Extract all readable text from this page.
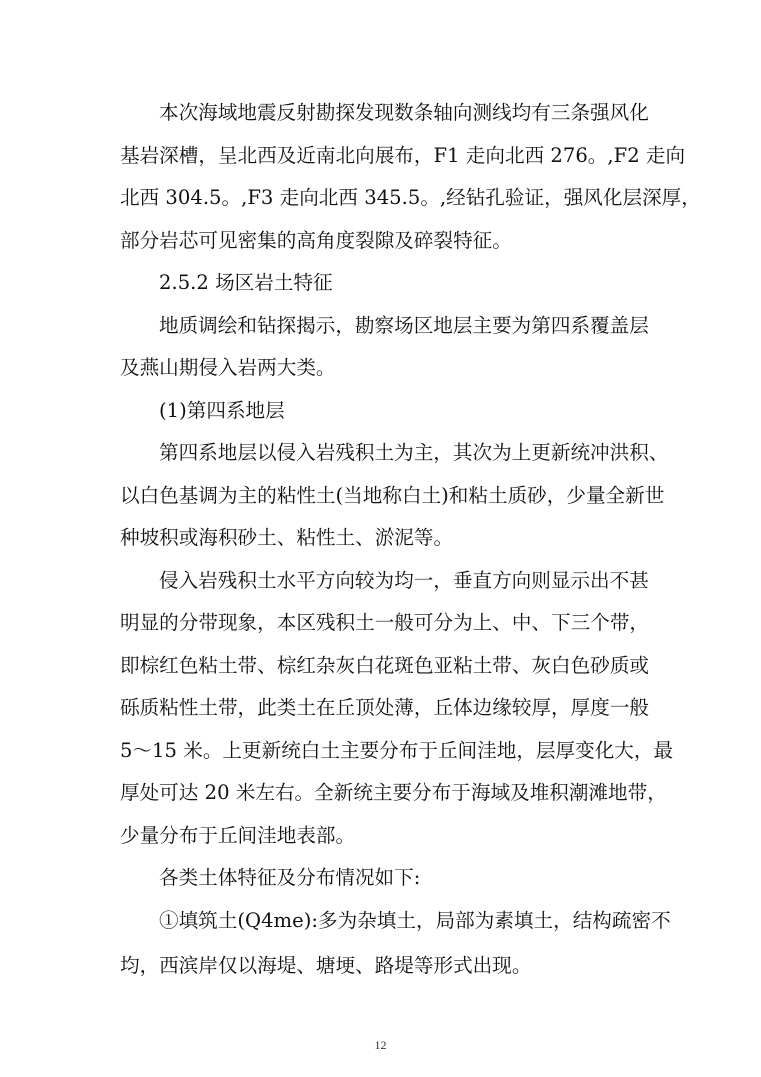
本次海域地震反射勘探发现数条轴向测线均有三条强风化
基岩深槽，呈北西及近南北向展布，F1 走向北西 276。,F2 走向
北西 304.5。,F3 走向北西 345.5。,经钻孔验证，强风化层深厚，
部分岩芯可见密集的高角度裂隙及碎裂特征。
2.5.2 场区岩土特征
地质调绘和钻探揭示，勘察场区地层主要为第四系覆盖层
及燕山期侵入岩两大类。
(1)第四系地层
第四系地层以侵入岩残积土为主，其次为上更新统冲洪积、
以白色基调为主的粘性土(当地称白土)和粘土质砂，少量全新世
种坡积或海积砂土、粘性土、淤泥等。
侵入岩残积土水平方向较为均一，垂直方向则显示出不甚
明显的分带现象，本区残积土一般可分为上、中、下三个带，
即棕红色粘土带、棕红杂灰白花斑色亚粘土带、灰白色砂质或
砾质粘性土带，此类土在丘顶处薄，丘体边缘较厚，厚度一般
5～15 米。上更新统白土主要分布于丘间洼地，层厚变化大，最
厚处可达 20 米左右。全新统主要分布于海域及堆积潮滩地带，
少量分布于丘间洼地表部。
各类土体特征及分布情况如下:
①填筑土(Q4me):多为杂填土，局部为素填土，结构疏密不
均，西滨岸仅以海堤、塘埂、路堤等形式出现。
12
